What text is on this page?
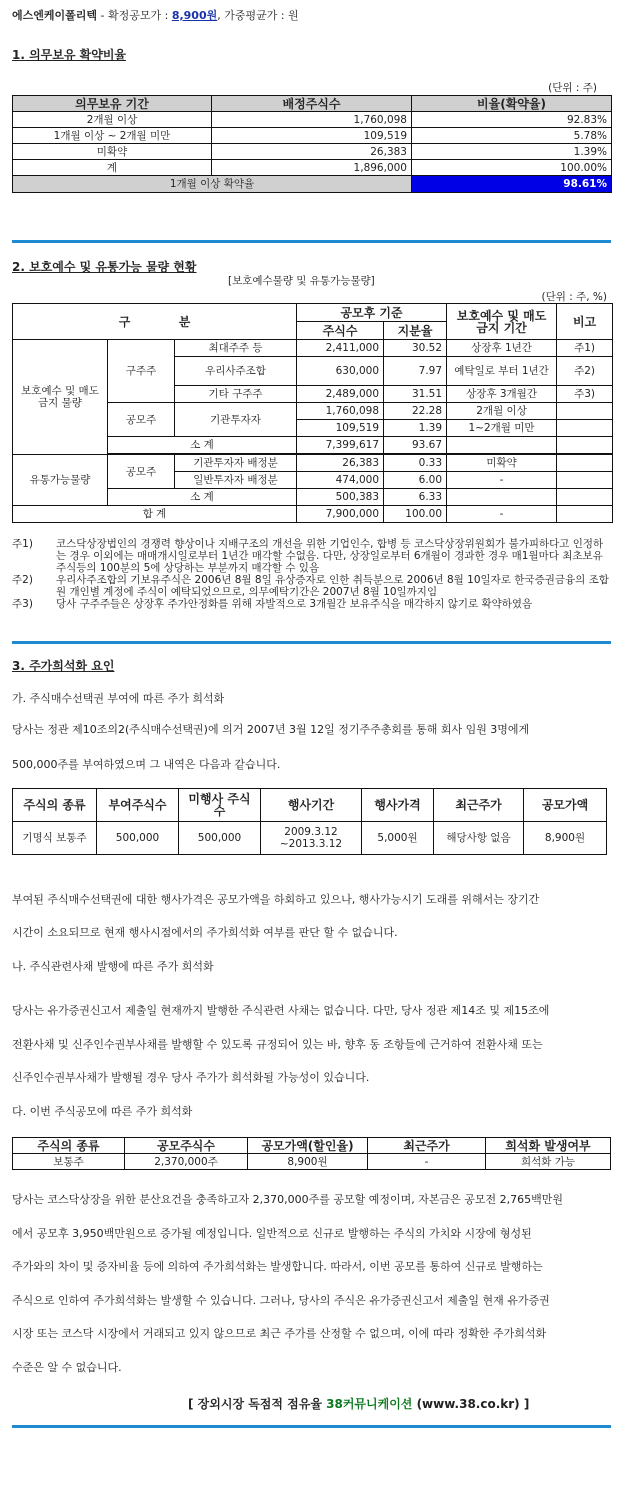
에스엔케이폴리텍 - 확정공모가 : 8,900원, 가중평균가 : 원
1. 의무보유 확약비율
(단위 : 주)
의무보유 기간	배정주식수	비율(확약율)
2개월 이상	1,760,098	92.83%
1개월 이상 ~ 2개월 미만	109,519	5.78%
미확약	26,383	1.39%
계	1,896,000	100.00%
1개월 이상 확약율		98.61%
2. 보호예수 및 유통가능 물량 현황
[보호예수물량 및 유통가능물량]
(단위 : 주, %)
구 분			공모후 기준		보호예수 및 매도금지 기간	비고
			주식수	지분율		
보호예수 및 매도금지 물량	구주주	최대주주 등	2,411,000	30.52	상장후 1년간	주1)
		우리사주조합	630,000	7.97	예탁일로 부터 1년간	주2)
		기타 구주주	2,489,000	31.51	상장후 3개월간	주3)
	공모주	기관투자자	1,760,098	22.28	2개월 이상	
			109,519	1.39	1~2개월 미만	
	소 계		7,399,617	93.67		

유통가능물량	공모주	기관투자자 배정분	26,383	0.33	미확약	
		일반투자자 배정분	474,000	6.00	-	
	소 계		500,383	6.33		
합 계			7,900,000	100.00	-	
주1)	코스닥상장법인의 경쟁력 향상이나 지배구조의 개선을 위한 기업인수, 합병 등 코스닥상장위원회가 불가피하다고 인정하는 경우 이외에는 매매개시일로부터 1년간 매각할 수없음. 다만, 상장일로부터 6개월이 경과한 경우 매1월마다 최초보유주식등의 100분의 5에 상당하는 부분까지 매각할 수 있음
주2)	우리사주조합의 기보유주식은 2006년 8월 8일 유상증자로 인한 취득분으로 2006년 8월 10일자로 한국증권금융의 조합원 개인별 계정에 주식이 예탁되었으므로, 의무예탁기간은 2007년 8월 10일까지임
주3)	당사 구주주들은 상장후 주가안정화를 위해 자발적으로 3개월간 보유주식을 매각하지 않기로 확약하였음
3. 주가희석화 요인
가. 주식매수선택권 부여에 따른 주가 희석화
당사는 정관 제10조의2(주식매수선택권)에 의거 2007년 3월 12일 정기주주총회를 통해 회사 임원 3명에게
500,000주를 부여하였으며 그 내역은 다음과 같습니다.
주식의 종류	부여주식수	미행사 주식수	행사기간	행사가격	최근주가	공모가액
기명식 보통주	500,000	500,000	2009.3.12 ~2013.3.12	5,000원	해당사항 없음	8,900원
부여된 주식매수선택권에 대한 행사가격은 공모가액을 하회하고 있으나, 행사가능시기 도래를 위해서는 장기간
시간이 소요되므로 현재 행사시점에서의 주가희석화 여부를 판단 할 수 없습니다.
나. 주식관련사채 발행에 따른 주가 희석화
당사는 유가증권신고서 제출일 현재까지 발행한 주식관련 사채는 없습니다. 다만, 당사 정관 제14조 및 제15조에
전환사채 및 신주인수권부사채를 발행할 수 있도록 규정되어 있는 바, 향후 동 조항들에 근거하여 전환사채 또는
신주인수권부사채가 발행될 경우 당사 주가가 희석화될 가능성이 있습니다.
다. 이번 주식공모에 따른 주가 희석화
주식의 종류	공모주식수	공모가액(할인율)	최근주가	희석화 발생여부
보통주	2,370,000주	8,900원	-	희석화 가능
당사는 코스닥상장을 위한 분산요건을 충족하고자 2,370,000주를 공모할 예정이며, 자본금은 공모전 2,765백만원
에서 공모후 3,950백만원으로 증가될 예정입니다. 일반적으로 신규로 발행하는 주식의 가치와 시장에 형성된
주가와의 차이 및 증자비율 등에 의하여 주가희석화는 발생합니다. 따라서, 이번 공모를 통하여 신규로 발행하는
주식으로 인하여 주가희석화는 발생할 수 있습니다. 그러나, 당사의 주식은 유가증권신고서 제출일 현재 유가증권
시장 또는 코스닥 시장에서 거래되고 있지 않으므로 최근 주가를 산정할 수 없으며, 이에 따라 정확한 주가희석화
수준은 알 수 없습니다.
[ 장외시장 독점적 점유율 38커뮤니케이션 (www.38.co.kr) ]
